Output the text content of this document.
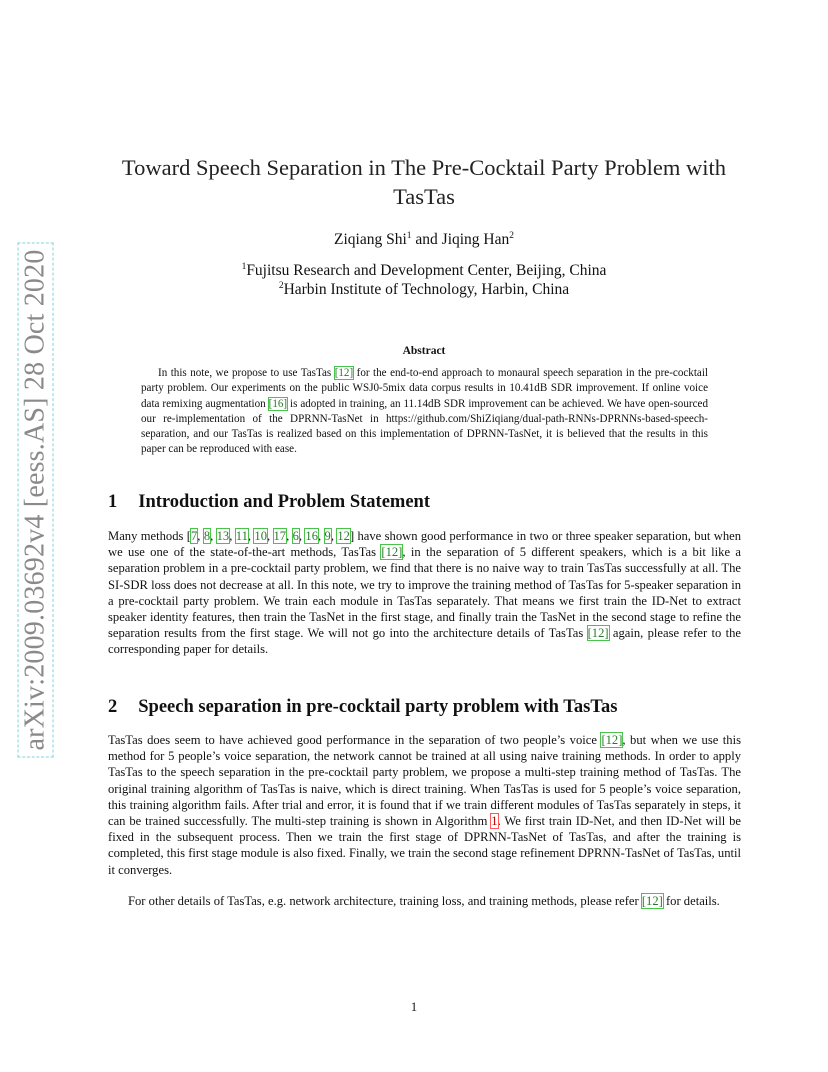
arXiv:2009.03692v4 [eess.AS] 28 Oct 2020
Toward Speech Separation in The Pre-Cocktail Party Problem with TasTas
Ziqiang Shi$^1$ and Jiqing Han$^2$
$^1$Fujitsu Research and Development Center, Beijing, China
$^2$Harbin Institute of Technology, Harbin, China
Abstract
In this note, we propose to use TasTas [12] for the end-to-end approach to monaural speech separation in the pre-cocktail party problem. Our experiments on the public WSJ0-5mix data corpus results in 10.41dB SDR improvement. If online voice data remixing augmentation [16] is adopted in training, an 11.14dB SDR improvement can be achieved. We have open-sourced our re-implementation of the DPRNN-TasNet in https://github.com/ShiZiqiang/dual-path-RNNs-DPRNNs-based-speech-separation, and our TasTas is realized based on this implementation of DPRNN-TasNet, it is believed that the results in this paper can be reproduced with ease.
1 Introduction and Problem Statement
Many methods [7, 8, 13, 11, 10, 17, 6, 16, 9, 12] have shown good performance in two or three speaker separation, but when we use one of the state-of-the-art methods, TasTas [12], in the separation of 5 different speakers, which is a bit like a separation problem in a pre-cocktail party problem, we find that there is no naive way to train TasTas successfully at all. The SI-SDR loss does not decrease at all. In this note, we try to improve the training method of TasTas for 5-speaker separation in a pre-cocktail party problem. We train each module in TasTas separately. That means we first train the ID-Net to extract speaker identity features, then train the TasNet in the first stage, and finally train the TasNet in the second stage to refine the separation results from the first stage. We will not go into the architecture details of TasTas [12] again, please refer to the corresponding paper for details.
2 Speech separation in pre-cocktail party problem with TasTas
TasTas does seem to have achieved good performance in the separation of two people’s voice [12], but when we use this method for 5 people’s voice separation, the network cannot be trained at all using naive training methods. In order to apply TasTas to the speech separation in the pre-cocktail party problem, we propose a multi-step training method of TasTas. The original training algorithm of TasTas is naive, which is direct training. When TasTas is used for 5 people’s voice separation, this training algorithm fails. After trial and error, it is found that if we train different modules of TasTas separately in steps, it can be trained successfully. The multi-step training is shown in Algorithm 1. We first train ID-Net, and then ID-Net will be fixed in the subsequent process. Then we train the first stage of DPRNN-TasNet of TasTas, and after the training is completed, this first stage module is also fixed. Finally, we train the second stage refinement DPRNN-TasNet of TasTas, until it converges.
For other details of TasTas, e.g. network architecture, training loss, and training methods, please refer [12] for details.
1
